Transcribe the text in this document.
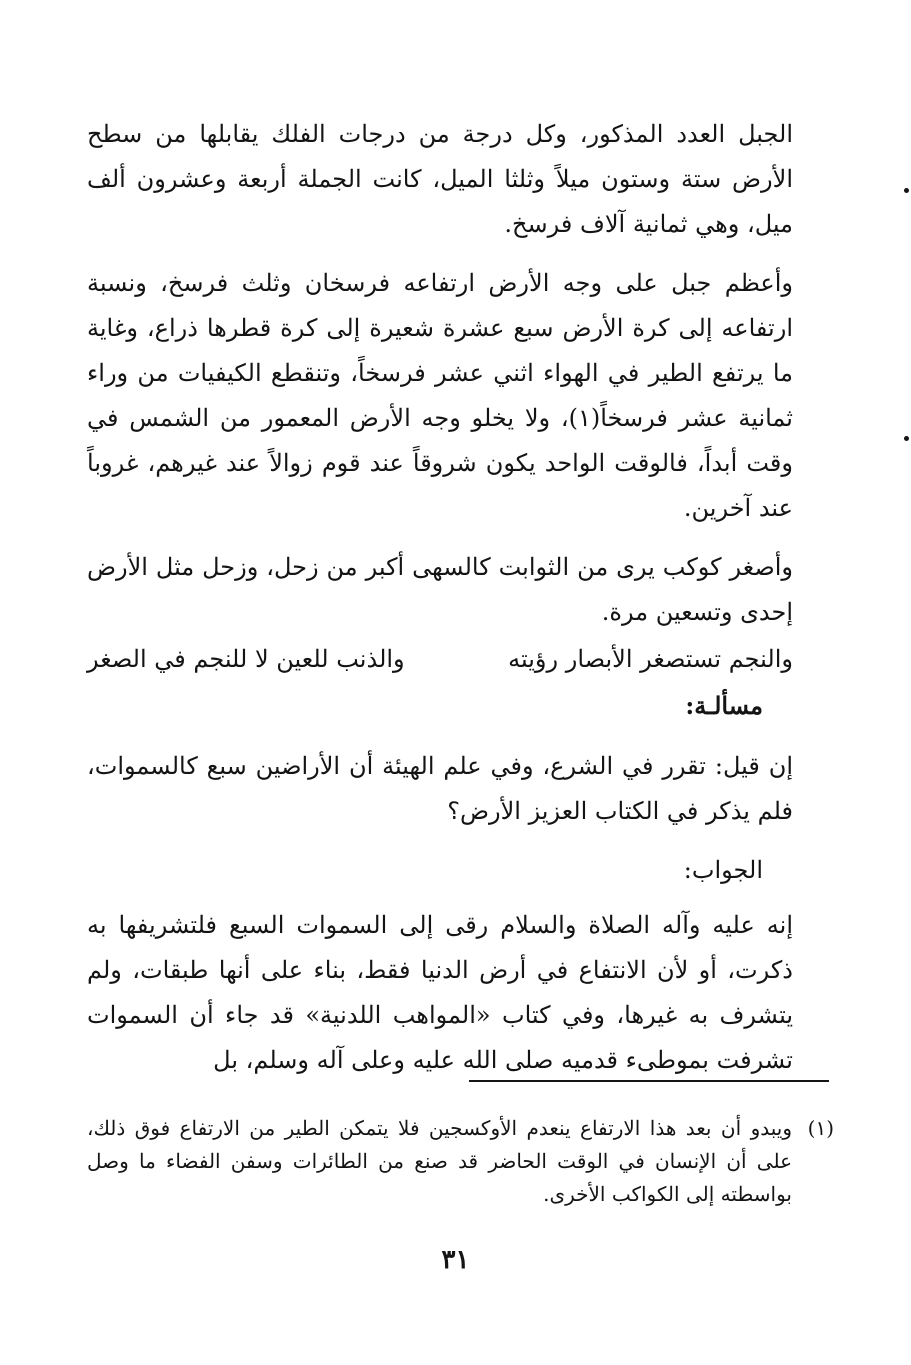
الجبل العدد المذكور، وكل درجة من درجات الفلك يقابلها من سطح الأرض ستة وستون ميلاً وثلثا الميل، كانت الجملة أربعة وعشرون ألف ميل، وهي ثمانية آلاف فرسخ.

وأعظم جبل على وجه الأرض ارتفاعه فرسخان وثلث فرسخ، ونسبة ارتفاعه إلى كرة الأرض سبع عشرة شعيرة إلى كرة قطرها ذراع، وغاية ما يرتفع الطير في الهواء اثني عشر فرسخاً، وتنقطع الكيفيات من وراء ثمانية عشر فرسخاً(١)، ولا يخلو وجه الأرض المعمور من الشمس في وقت أبداً، فالوقت الواحد يكون شروقاً عند قوم زوالاً عند غيرهم، غروباً عند آخرين.

وأصغر كوكب يرى من الثوابت كالسهى أكبر من زحل، وزحل مثل الأرض إحدى وتسعين مرة.

والنجم تستصغر الأبصار رؤيته
والذنب للعين لا للنجم في الصغر
مسألـة:

إن قيل: تقرر في الشرع، وفي علم الهيئة أن الأراضين سبع كالسموات، فلم يذكر في الكتاب العزيز الأرض؟

الجواب:

إنه عليه وآله الصلاة والسلام رقى إلى السموات السبع فلتشريفها به ذكرت، أو لأن الانتفاع في أرض الدنيا فقط، بناء على أنها طبقات، ولم يتشرف به غيرها، وفي كتاب «المواهب اللدنية» قد جاء أن السموات تشرفت بموطىء قدميه صلى الله عليه وعلى آله وسلم، بل

(١)
ويبدو أن بعد هذا الارتفاع ينعدم الأوكسجين فلا يتمكن الطير من الارتفاع فوق ذلك، على أن الإنسان في الوقت الحاضر قد صنع من الطائرات وسفن الفضاء ما وصل بواسطته إلى الكواكب الأخرى.
٣١
